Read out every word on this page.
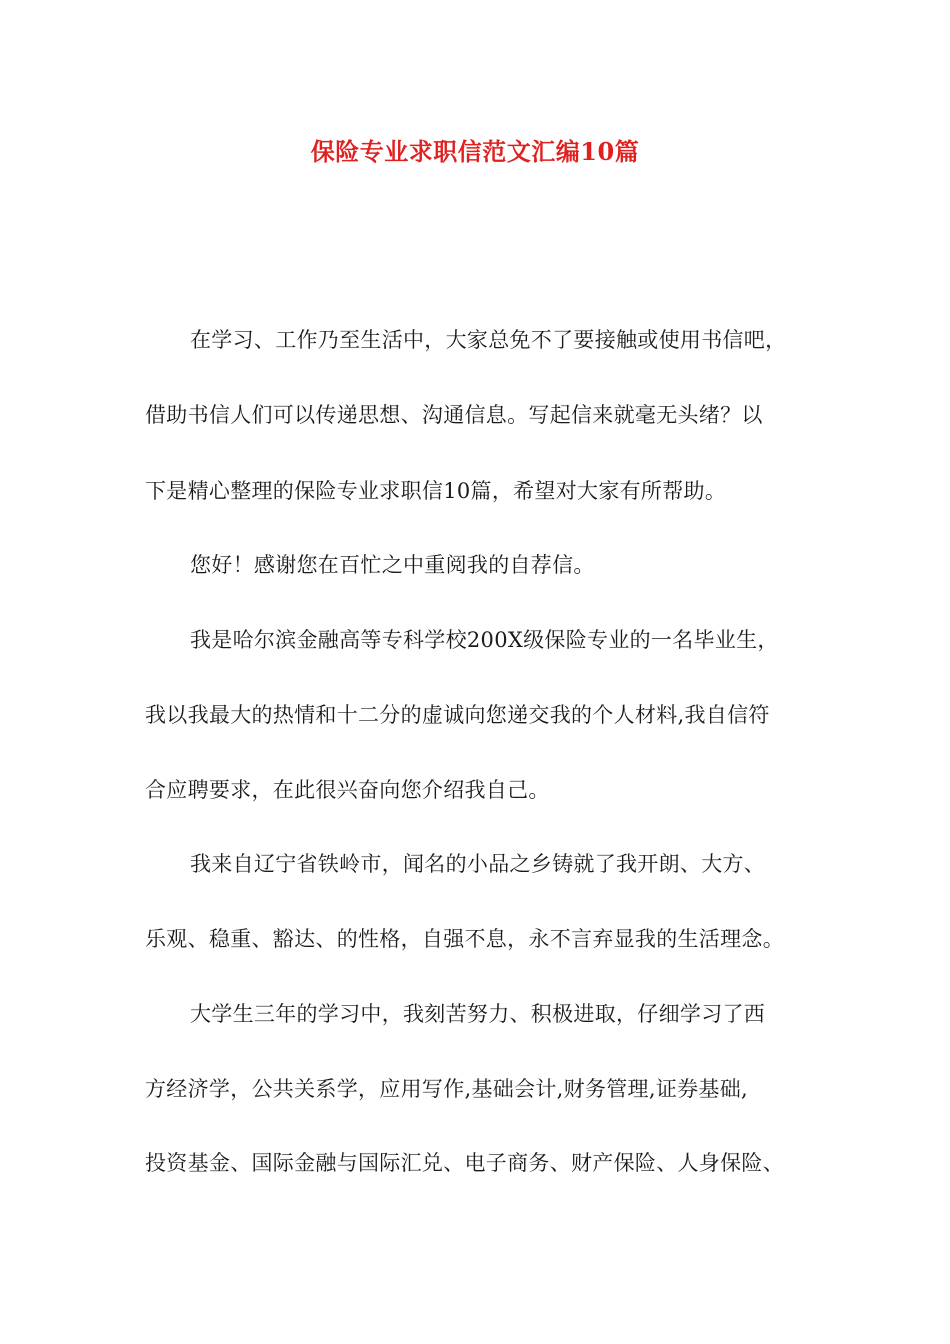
保险专业求职信范文汇编10篇
在学习、工作乃至生活中，大家总免不了要接触或使用书信吧，
借助书信人们可以传递思想、沟通信息。写起信来就毫无头绪？以
下是精心整理的保险专业求职信10篇，希望对大家有所帮助。
您好！感谢您在百忙之中重阅我的自荐信。
我是哈尔滨金融高等专科学校200X级保险专业的一名毕业生，
我以我最大的热情和十二分的虚诚向您递交我的个人材料,我自信符
合应聘要求，在此很兴奋向您介绍我自己。
我来自辽宁省铁岭市，闻名的小品之乡铸就了我开朗、大方、
乐观、稳重、豁达、的性格，自强不息，永不言弃显我的生活理念。
大学生三年的学习中，我刻苦努力、积极进取，仔细学习了西
方经济学，公共关系学，应用写作,基础会计,财务管理,证券基础,
投资基金、国际金融与国际汇兑、电子商务、财产保险、人身保险、
